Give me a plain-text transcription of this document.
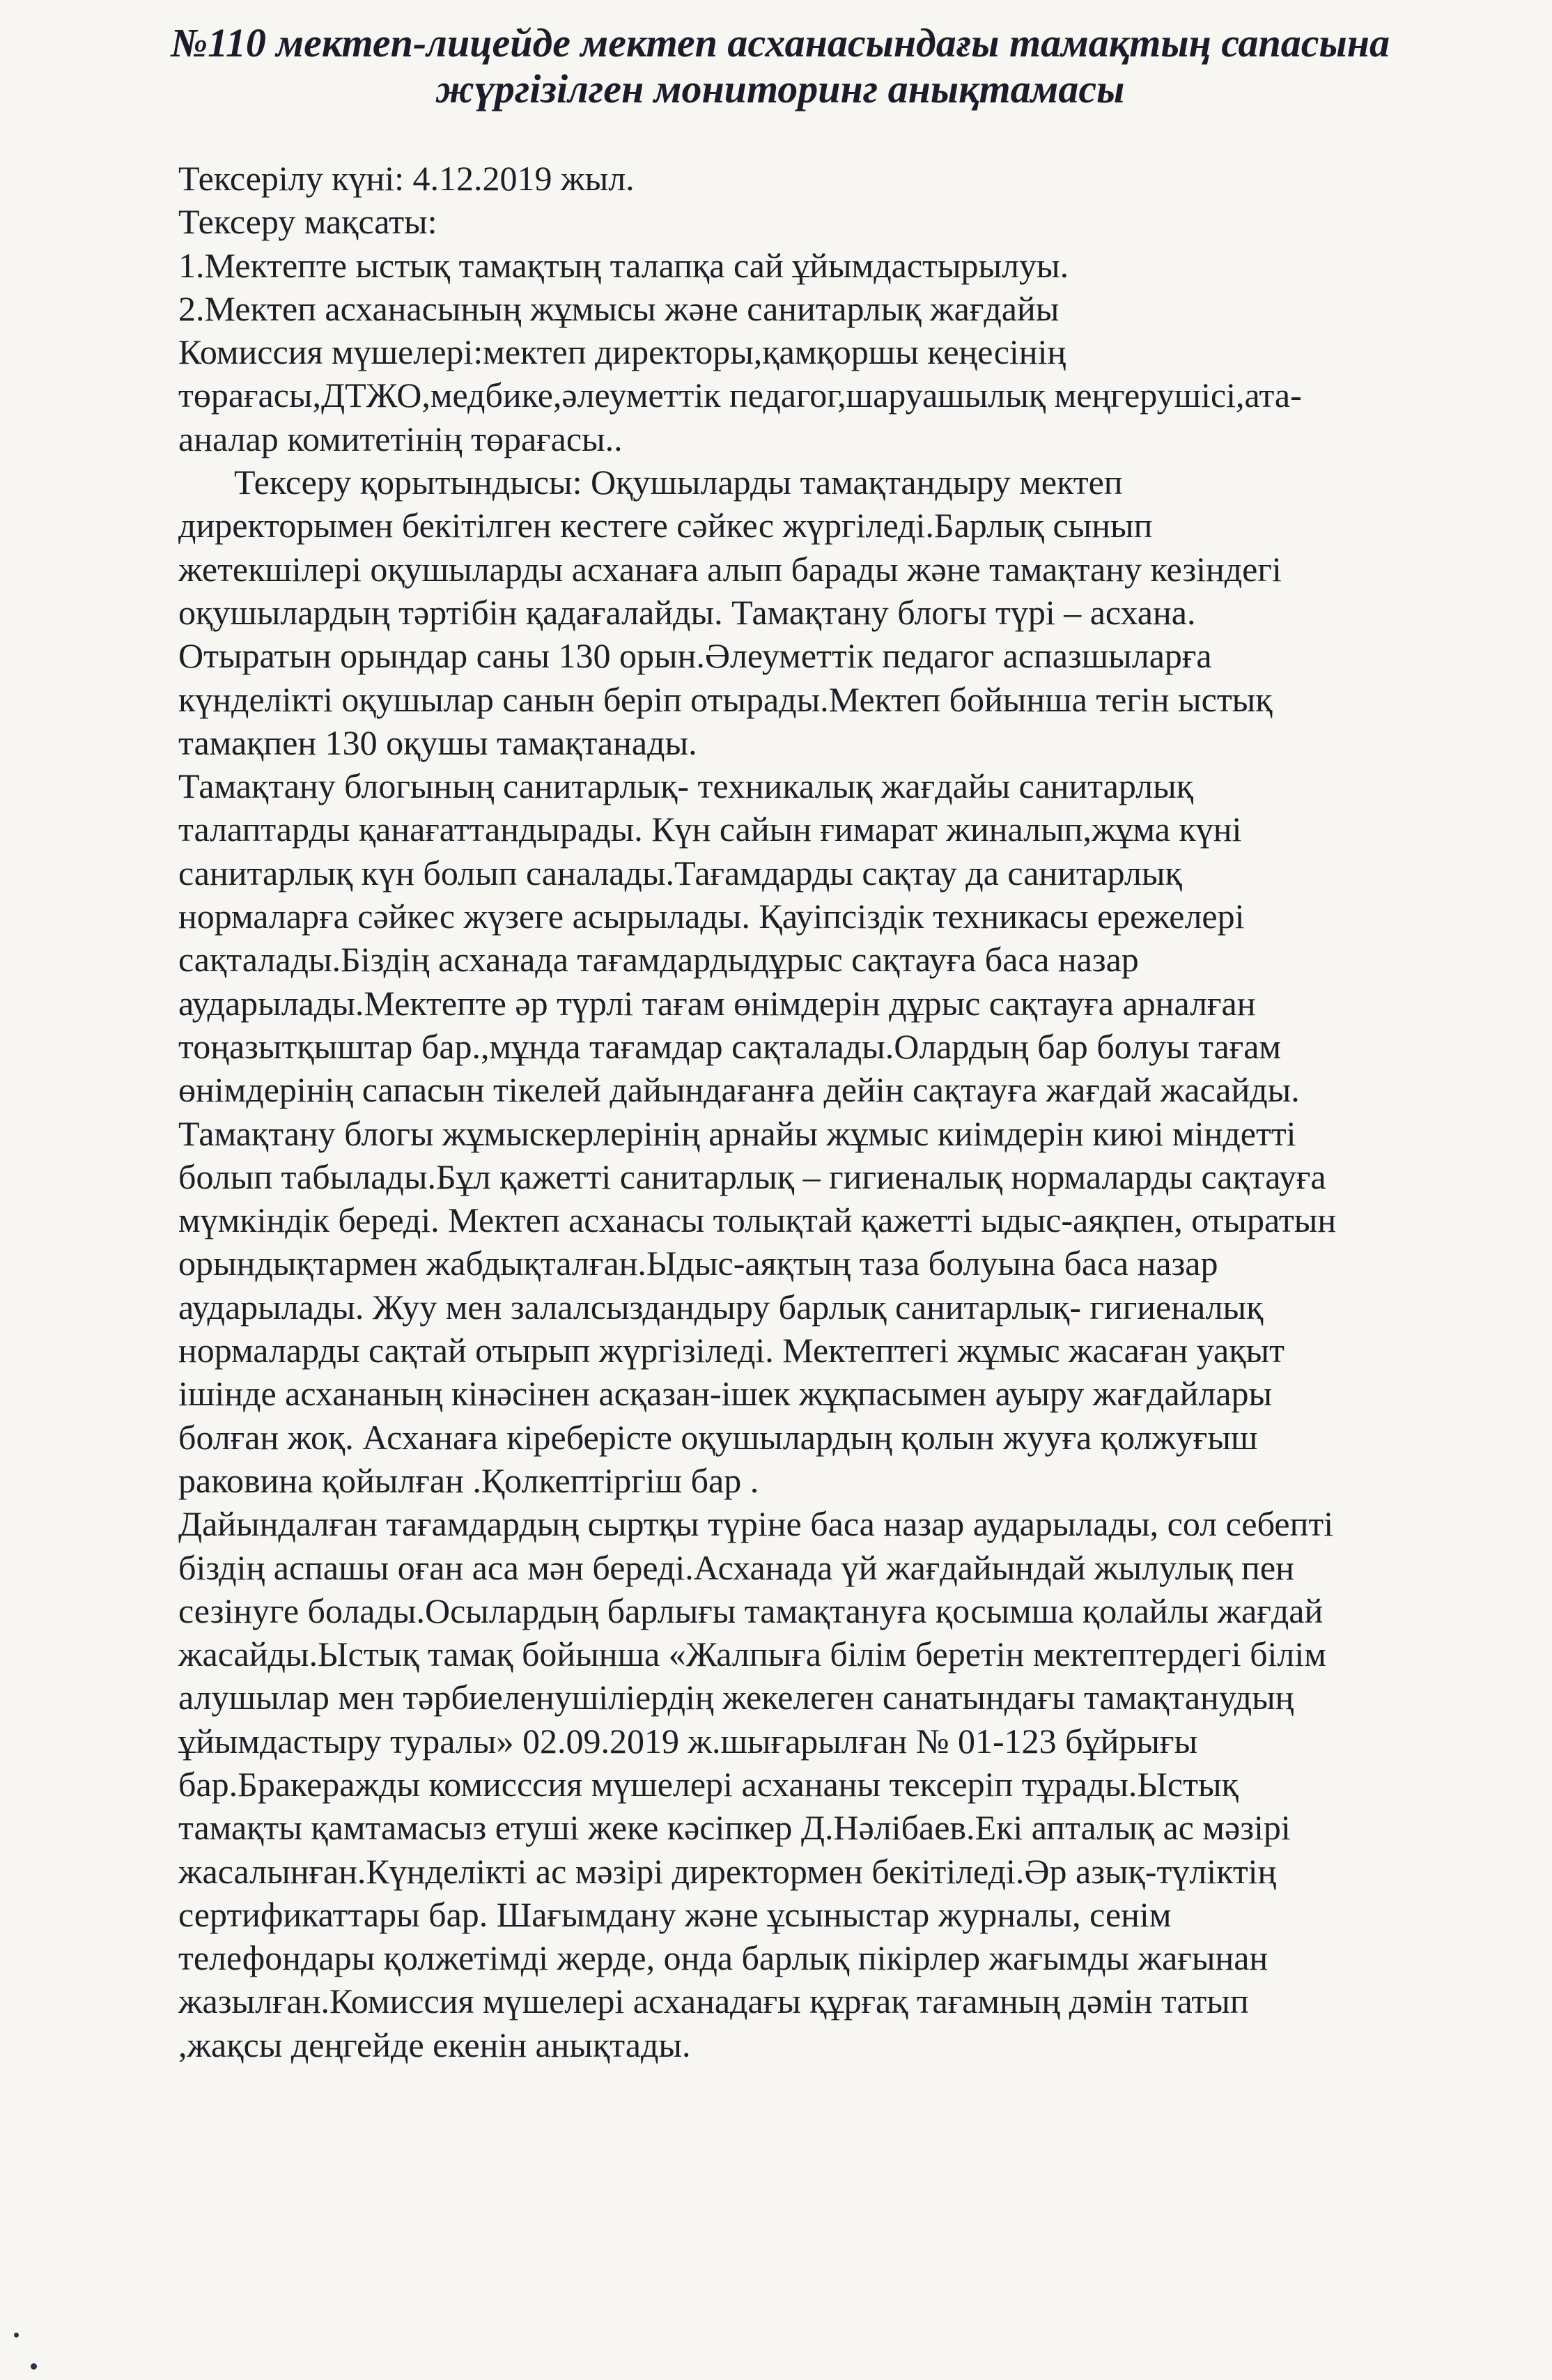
№110 мектеп-лицейде мектеп асханасындағы тамақтың сапасына
жүргізілген мониторинг анықтамасы
Тексерілу күні: 4.12.2019 жыл.
Тексеру мақсаты:
1.Мектепте ыстық тамақтың талапқа сай ұйымдастырылуы.
2.Мектеп асханасының жұмысы және санитарлық жағдайы
Комиссия мүшелері:мектеп директоры,қамқоршы кеңесінің
төрағасы,ДТЖО,медбике,әлеуметтік педагог,шаруашылық меңгерушісі,ата-
аналар комитетінің төрағасы..
Тексеру қорытындысы: Оқушыларды тамақтандыру мектеп
директорымен бекітілген кестеге сәйкес жүргіледі.Барлық сынып
жетекшілері оқушыларды асханаға алып барады және тамақтану кезіндегі
оқушылардың тәртібін қадағалайды. Тамақтану блогы түрі – асхана.
Отыратын орындар саны 130 орын.Әлеуметтік педагог аспазшыларға
күнделікті оқушылар санын беріп отырады.Мектеп бойынша тегін ыстық
тамақпен 130 оқушы тамақтанады.
Тамақтану блогының санитарлық- техникалық жағдайы санитарлық
талаптарды қанағаттандырады. Күн сайын ғимарат жиналып,жұма күні
санитарлық күн болып саналады.Тағамдарды сақтау да санитарлық
нормаларға сәйкес жүзеге асырылады. Қауіпсіздік техникасы ережелері
сақталады.Біздің асханада тағамдардыдұрыс сақтауға баса назар
аударылады.Мектепте әр түрлі тағам өнімдерін дұрыс сақтауға арналған
тоңазытқыштар бар.,мұнда тағамдар сақталады.Олардың бар болуы тағам
өнімдерінің сапасын тікелей дайындағанға дейін сақтауға жағдай жасайды.
Тамақтану блогы жұмыскерлерінің арнайы жұмыс киімдерін киюі міндетті
болып табылады.Бұл қажетті санитарлық – гигиеналық нормаларды сақтауға
мүмкіндік береді. Мектеп асханасы толықтай қажетті ыдыс-аяқпен, отыратын
орындықтармен жабдықталған.Ыдыс-аяқтың таза болуына баса назар
аударылады. Жуу мен залалсыздандыру барлық санитарлық- гигиеналық
нормаларды сақтай отырып жүргізіледі. Мектептегі жұмыс жасаған уақыт
ішінде асхананың кінәсінен асқазан-ішек жұқпасымен ауыру жағдайлары
болған жоқ. Асханаға кіреберісте оқушылардың қолын жууға қолжуғыш
раковина қойылған .Қолкептіргіш бар .
Дайындалған тағамдардың сыртқы түріне баса назар аударылады, сол себепті
біздің аспашы оған аса мән береді.Асханада үй жағдайындай жылулық пен
сезінуге болады.Осылардың барлығы тамақтануға қосымша қолайлы жағдай
жасайды.Ыстық тамақ бойынша «Жалпыға білім беретін мектептердегі білім
алушылар мен тәрбиеленушіліердің жекелеген санатындағы тамақтанудың
ұйымдастыру туралы» 02.09.2019 ж.шығарылған № 01-123 бұйрығы
бар.Бракеражды комисссия мүшелері асхананы тексеріп тұрады.Ыстық
тамақты қамтамасыз етуші жеке кәсіпкер Д.Нәлібаев.Екі апталық ас мәзірі
жасалынған.Күнделікті ас мәзірі директормен бекітіледі.Әр азық-түліктің
сертификаттары бар. Шағымдану және ұсыныстар журналы, сенім
телефондары қолжетімді жерде, онда барлық пікірлер жағымды жағынан
жазылған.Комиссия мүшелері асханадағы құрғақ тағамның дәмін татып
,жақсы деңгейде екенін анықтады.
